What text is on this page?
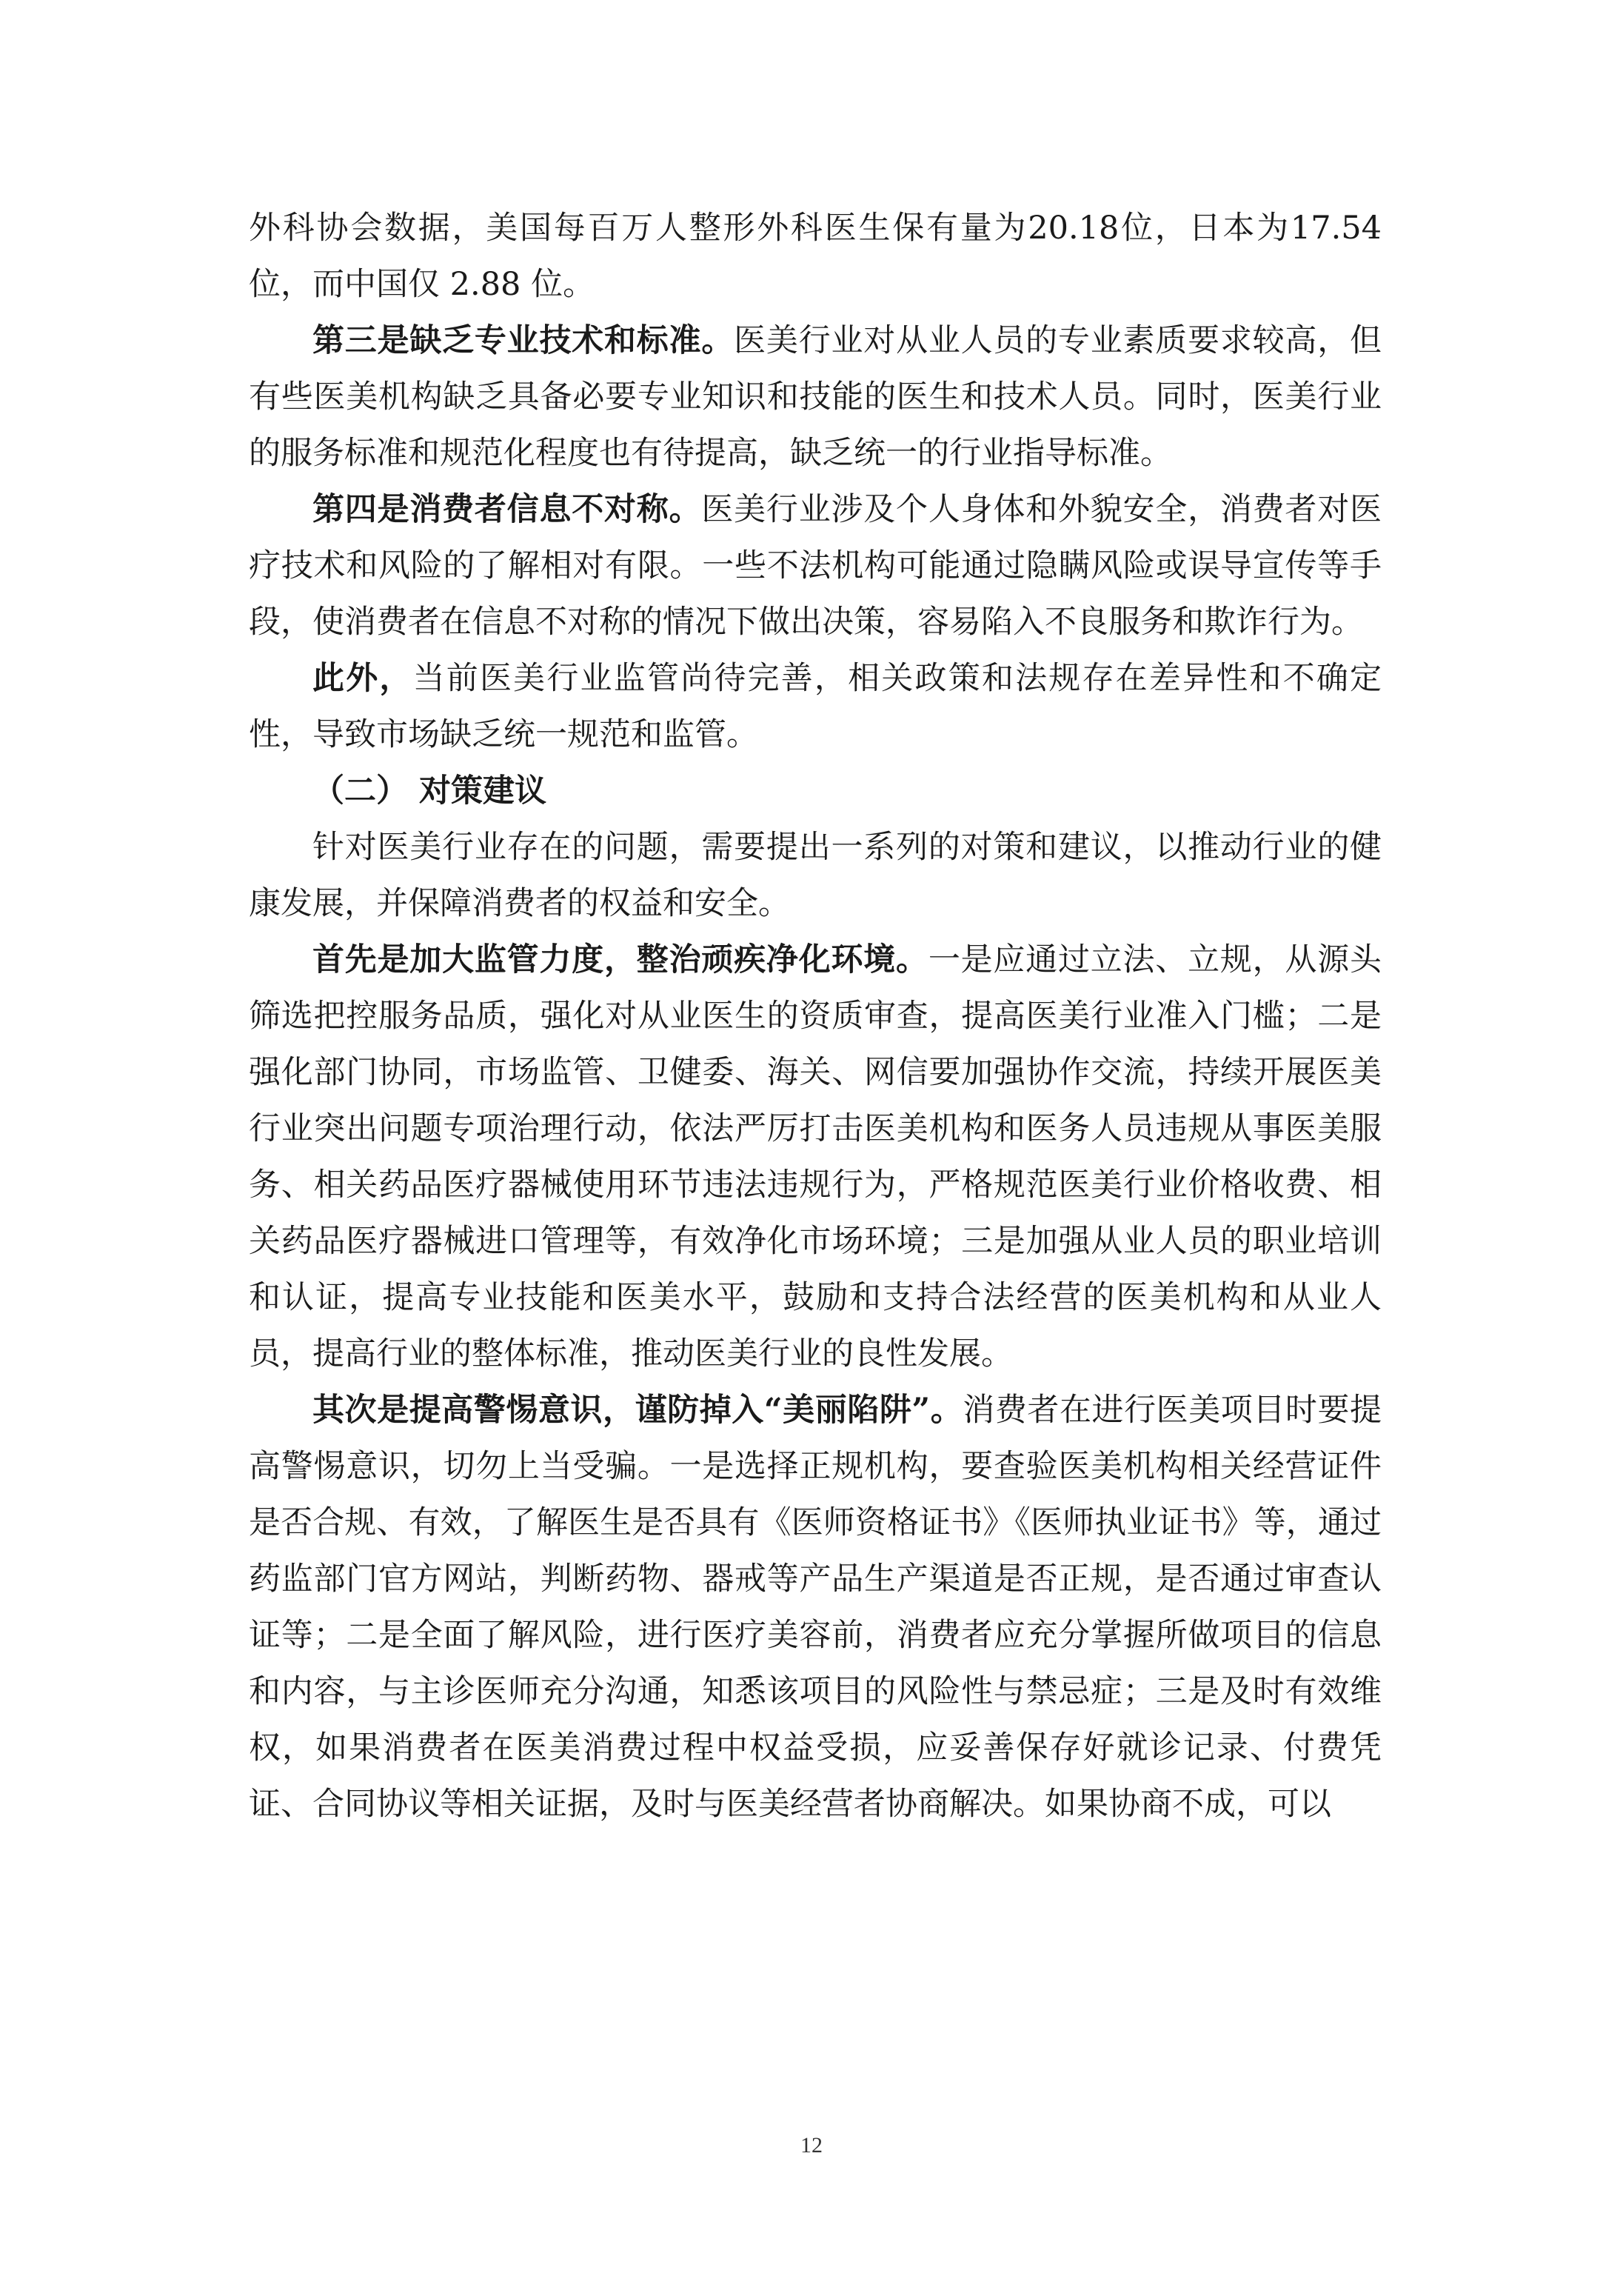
外科协会数据，美国每百万人整形外科医生保有量为20.18位，日本为17.54位，而中国仅 2.88 位。

第三是缺乏专业技术和标准。医美行业对从业人员的专业素质要求较高，但有些医美机构缺乏具备必要专业知识和技能的医生和技术人员。同时，医美行业的服务标准和规范化程度也有待提高，缺乏统一的行业指导标准。

第四是消费者信息不对称。医美行业涉及个人身体和外貌安全，消费者对医疗技术和风险的了解相对有限。一些不法机构可能通过隐瞒风险或误导宣传等手段，使消费者在信息不对称的情况下做出决策，容易陷入不良服务和欺诈行为。

此外，当前医美行业监管尚待完善，相关政策和法规存在差异性和不确定性，导致市场缺乏统一规范和监管。

（二） 对策建议

针对医美行业存在的问题，需要提出一系列的对策和建议，以推动行业的健康发展，并保障消费者的权益和安全。

首先是加大监管力度，整治顽疾净化环境。一是应通过立法、立规，从源头筛选把控服务品质，强化对从业医生的资质审查，提高医美行业准入门槛；二是强化部门协同，市场监管、卫健委、海关、网信要加强协作交流，持续开展医美行业突出问题专项治理行动，依法严厉打击医美机构和医务人员违规从事医美服务、相关药品医疗器械使用环节违法违规行为，严格规范医美行业价格收费、相关药品医疗器械进口管理等，有效净化市场环境；三是加强从业人员的职业培训和认证，提高专业技能和医美水平，鼓励和支持合法经营的医美机构和从业人员，提高行业的整体标准，推动医美行业的良性发展。

其次是提高警惕意识，谨防掉入“美丽陷阱”。消费者在进行医美项目时要提高警惕意识，切勿上当受骗。一是选择正规机构，要查验医美机构相关经营证件是否合规、有效，了解医生是否具有《医师资格证书》《医师执业证书》等，通过药监部门官方网站，判断药物、器戒等产品生产渠道是否正规，是否通过审查认证等；二是全面了解风险，进行医疗美容前，消费者应充分掌握所做项目的信息和内容，与主诊医师充分沟通，知悉该项目的风险性与禁忌症；三是及时有效维权，如果消费者在医美消费过程中权益受损，应妥善保存好就诊记录、付费凭证、合同协议等相关证据，及时与医美经营者协商解决。如果协商不成，可以

12
